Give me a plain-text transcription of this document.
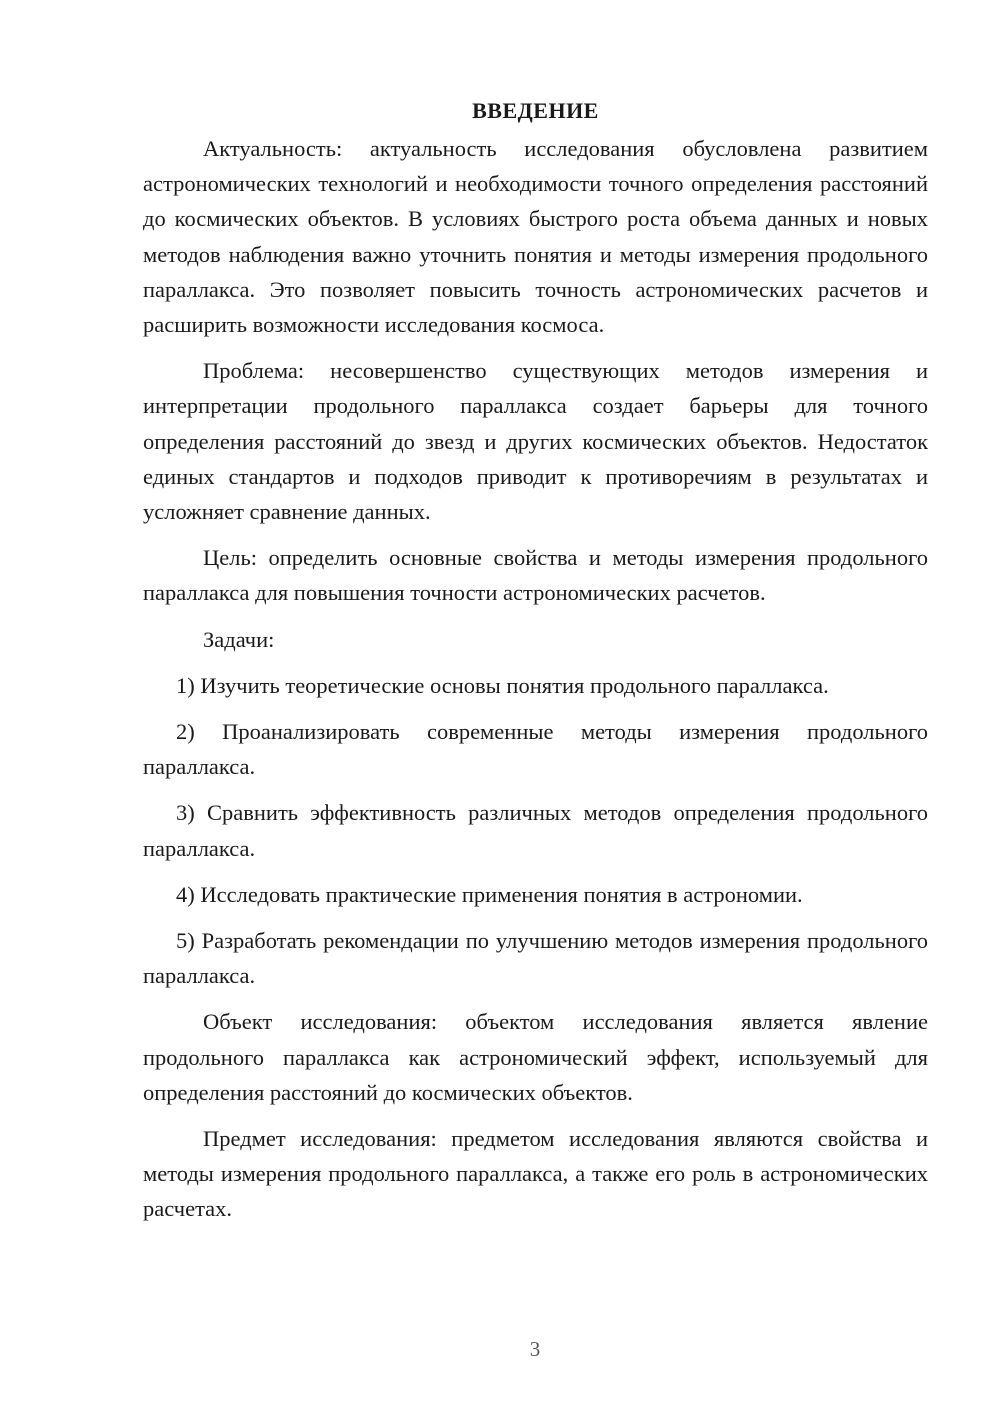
ВВЕДЕНИЕ

Актуальность: актуальность исследования обусловлена развитием астрономических технологий и необходимости точного определения расстояний до космических объектов. В условиях быстрого роста объема данных и новых методов наблюдения важно уточнить понятия и методы измерения продольного параллакса. Это позволяет повысить точность астрономических расчетов и расширить возможности исследования космоса.

Проблема: несовершенство существующих методов измерения и интерпретации продольного параллакса создает барьеры для точного определения расстояний до звезд и других космических объектов. Недостаток единых стандартов и подходов приводит к противоречиям в результатах и усложняет сравнение данных.

Цель: определить основные свойства и методы измерения продольного параллакса для повышения точности астрономических расчетов.

Задачи:

1) Изучить теоретические основы понятия продольного параллакса.

2) Проанализировать современные методы измерения продольного параллакса.

3) Сравнить эффективность различных методов определения продольного параллакса.

4) Исследовать практические применения понятия в астрономии.

5) Разработать рекомендации по улучшению методов измерения продольного параллакса.

Объект исследования: объектом исследования является явление продольного параллакса как астрономический эффект, используемый для определения расстояний до космических объектов.

Предмет исследования: предметом исследования являются свойства и методы измерения продольного параллакса, а также его роль в астрономических расчетах.

3
